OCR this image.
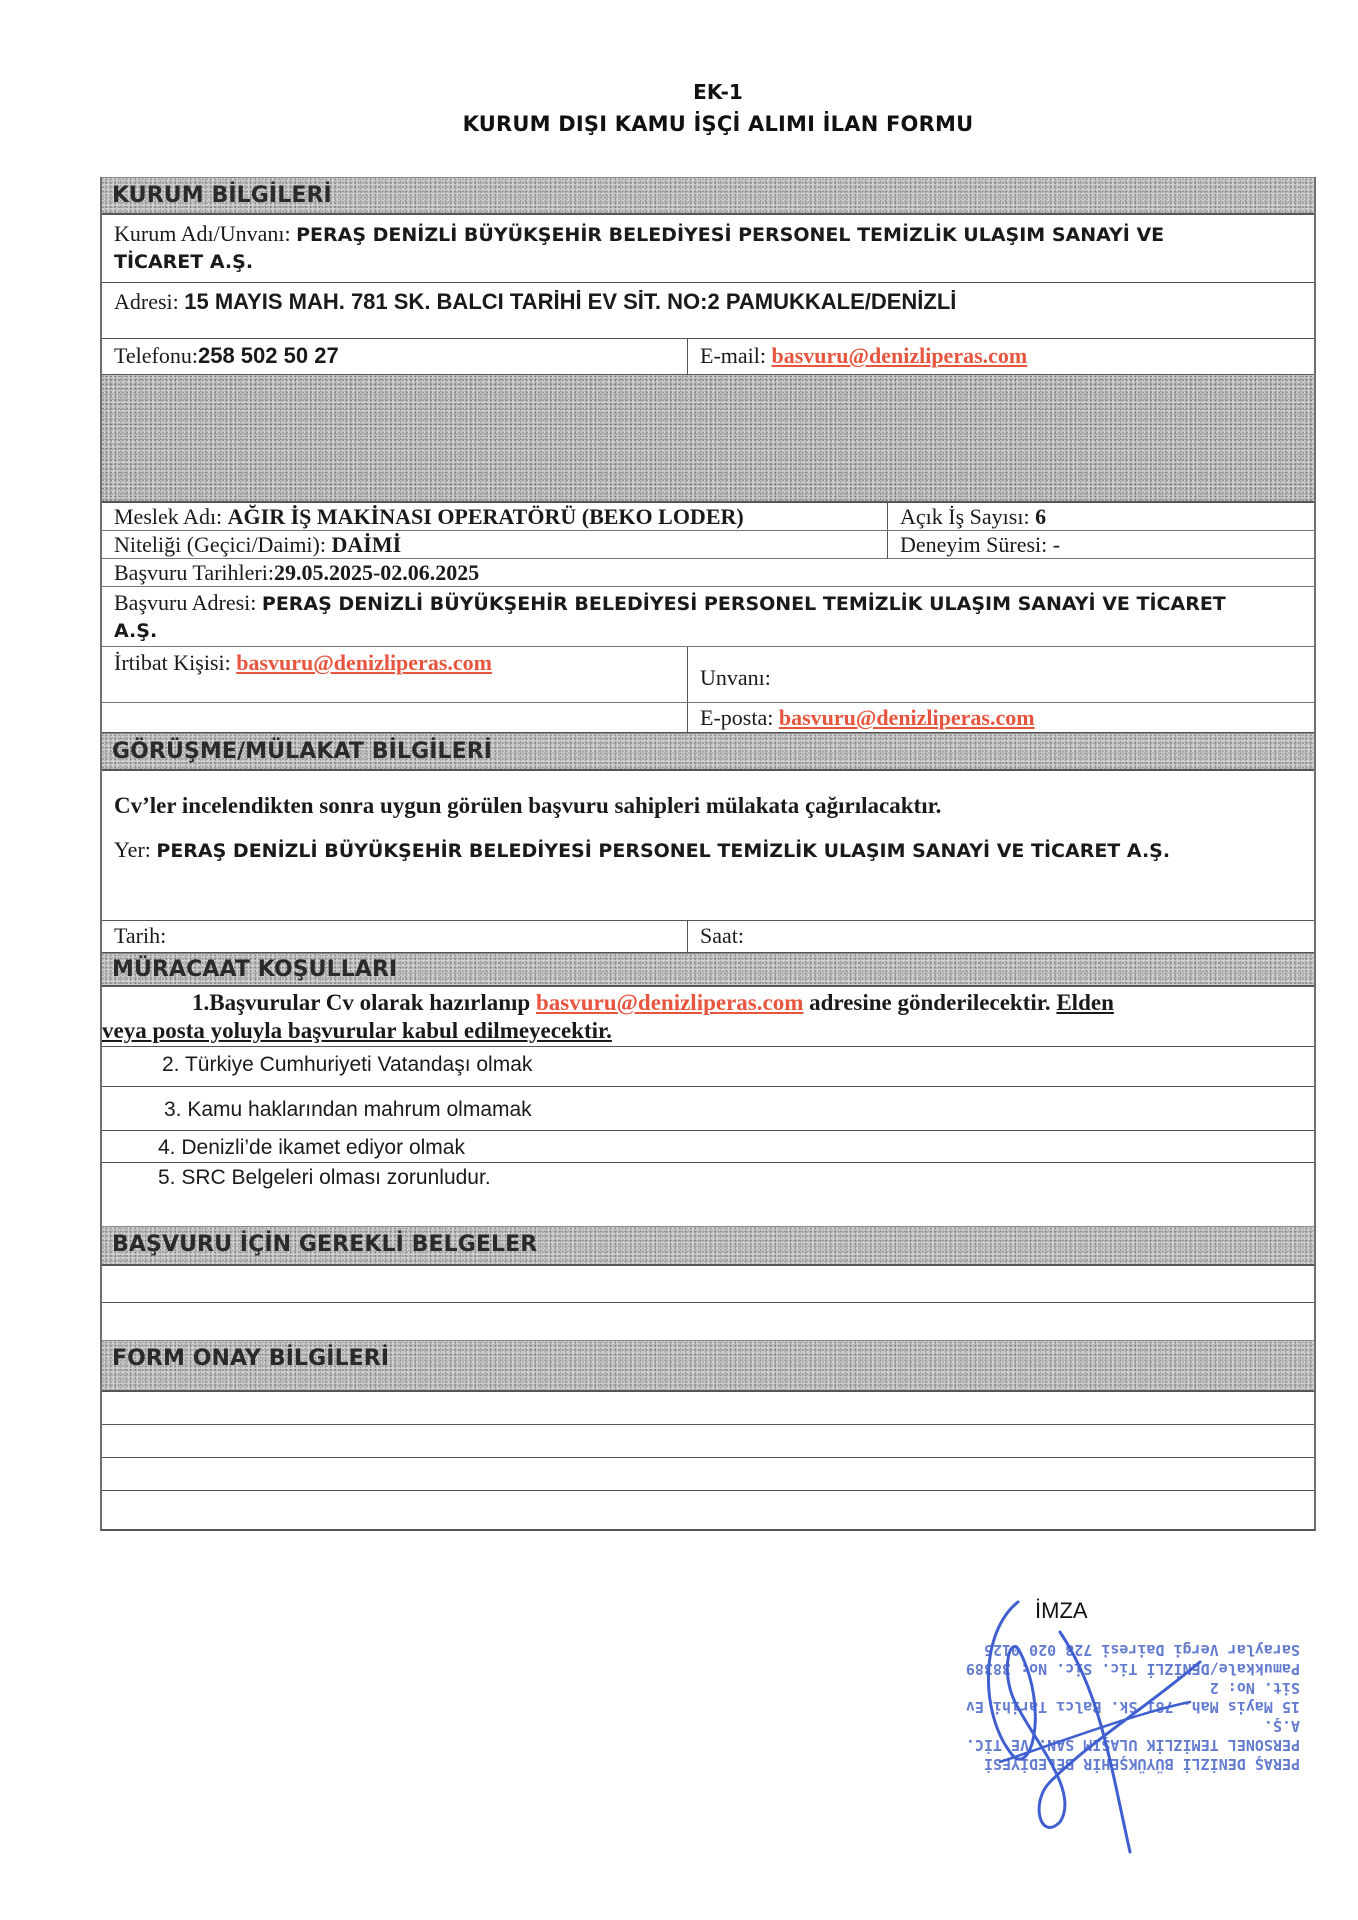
EK-1
KURUM DIŞI KAMU İŞÇİ ALIMI İLAN FORMU
KURUM BİLGİLERİ
Kurum Adı/Unvanı: PERAŞ DENİZLİ BÜYÜKŞEHİR BELEDİYESİ PERSONEL TEMİZLİK ULAŞIM SANAYİ VE
TİCARET A.Ş.
Adresi: 15 MAYIS MAH. 781 SK. BALCI TARİHİ EV SİT. NO:2 PAMUKKALE/DENİZLİ
Telefonu:258 502 50 27	E-mail: basvuru@denizliperas.com
Meslek Adı: AĞIR İŞ MAKİNASI OPERATÖRÜ (BEKO LODER)	Açık İş Sayısı: 6
Niteliği (Geçici/Daimi): DAİMİ	Deneyim Süresi: -
Başvuru Tarihleri:29.05.2025-02.06.2025
Başvuru Adresi: PERAŞ DENİZLİ BÜYÜKŞEHİR BELEDİYESİ PERSONEL TEMİZLİK ULAŞIM SANAYİ VE TİCARET
A.Ş.
İrtibat Kişisi: basvuru@denizliperas.com
Unvanı:
E-posta: basvuru@denizliperas.com
GÖRÜŞME/MÜLAKAT BİLGİLERİ
Cv’ler incelendikten sonra uygun görülen başvuru sahipleri mülakata çağırılacaktır.
Yer: PERAŞ DENİZLİ BÜYÜKŞEHİR BELEDİYESİ PERSONEL TEMİZLİK ULAŞIM SANAYİ VE TİCARET A.Ş.
Tarih:	Saat:
MÜRACAAT KOŞULLARI
1.Başvurular Cv olarak hazırlanıp basvuru@denizliperas.com adresine gönderilecektir. Elden
veya posta yoluyla başvurular kabul edilmeyecektir.
2. Türkiye Cumhuriyeti Vatandaşı olmak
3. Kamu haklarından mahrum olmamak
4. Denizli’de ikamet ediyor olmak
5. SRC Belgeleri olması zorunludur.
BAŞVURU İÇİN GEREKLİ BELGELER
FORM ONAY BİLGİLERİ
İMZA
PERAŞ DENİZLİ BÜYÜKŞEHİR BELEDİYESİ
PERSONEL TEMİZLİK ULAŞIM SAN. VE TİC. A.Ş.
15 Mayis Mah. 781 Sk. Balcı Tarihi Ev Sit. No: 2
Pamukkale/DENİZLİ Tic. Sic. No: 38389
Saraylar Vergi Dairesi 728 020 0125
